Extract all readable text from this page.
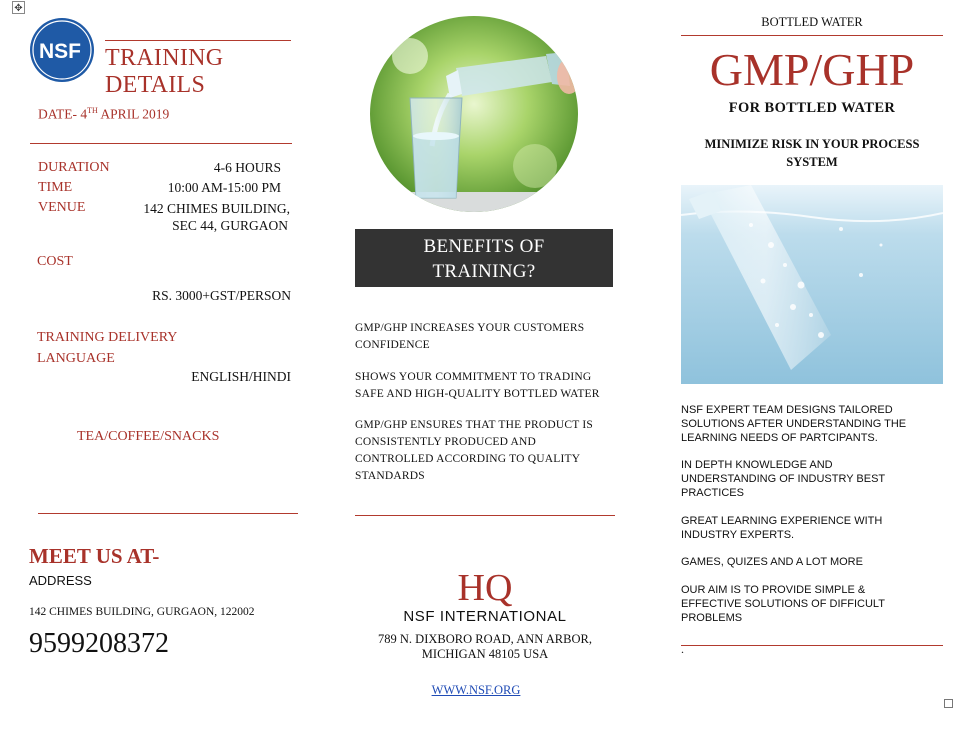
✥
NSF TRAINING
DETAILS
DATE- 4TH APRIL 2019
DURATION	4-6 HOURS
TIME	10:00 AM-15:00 PM
VENUE	142 CHIMES BUILDING,
SEC 44, GURGAON
COST
RS. 3000+GST/PERSON
TRAINING DELIVERY
LANGUAGE
ENGLISH/HINDI
TEA/COFFEE/SNACKS
MEET US AT-
ADDRESS
142 CHIMES BUILDING, GURGAON, 122002
9599208372
BENEFITS OF
TRAINING?
GMP/GHP INCREASES YOUR CUSTOMERS
CONFIDENCE
SHOWS YOUR COMMITMENT TO TRADING
SAFE AND HIGH-QUALITY BOTTLED WATER
GMP/GHP ENSURES THAT THE PRODUCT IS
CONSISTENTLY PRODUCED AND
CONTROLLED ACCORDING TO QUALITY
STANDARDS
HQ
NSF INTERNATIONAL
789 N. DIXBORO ROAD, ANN ARBOR,
MICHIGAN 48105 USA
WWW.NSF.ORG
BOTTLED WATER
GMP/GHP
FOR BOTTLED WATER
MINIMIZE RISK IN YOUR PROCESS
SYSTEM
NSF EXPERT TEAM DESIGNS TAILORED
SOLUTIONS AFTER UNDERSTANDING THE
LEARNING NEEDS OF PARTCIPANTS.
IN DEPTH KNOWLEDGE AND
UNDERSTANDING OF INDUSTRY BEST
PRACTICES
GREAT LEARNING EXPERIENCE WITH
INDUSTRY EXPERTS.
GAMES, QUIZES AND A LOT MORE
OUR AIM IS TO PROVIDE SIMPLE &
EFFECTIVE SOLUTIONS OF DIFFICULT
PROBLEMS
.
